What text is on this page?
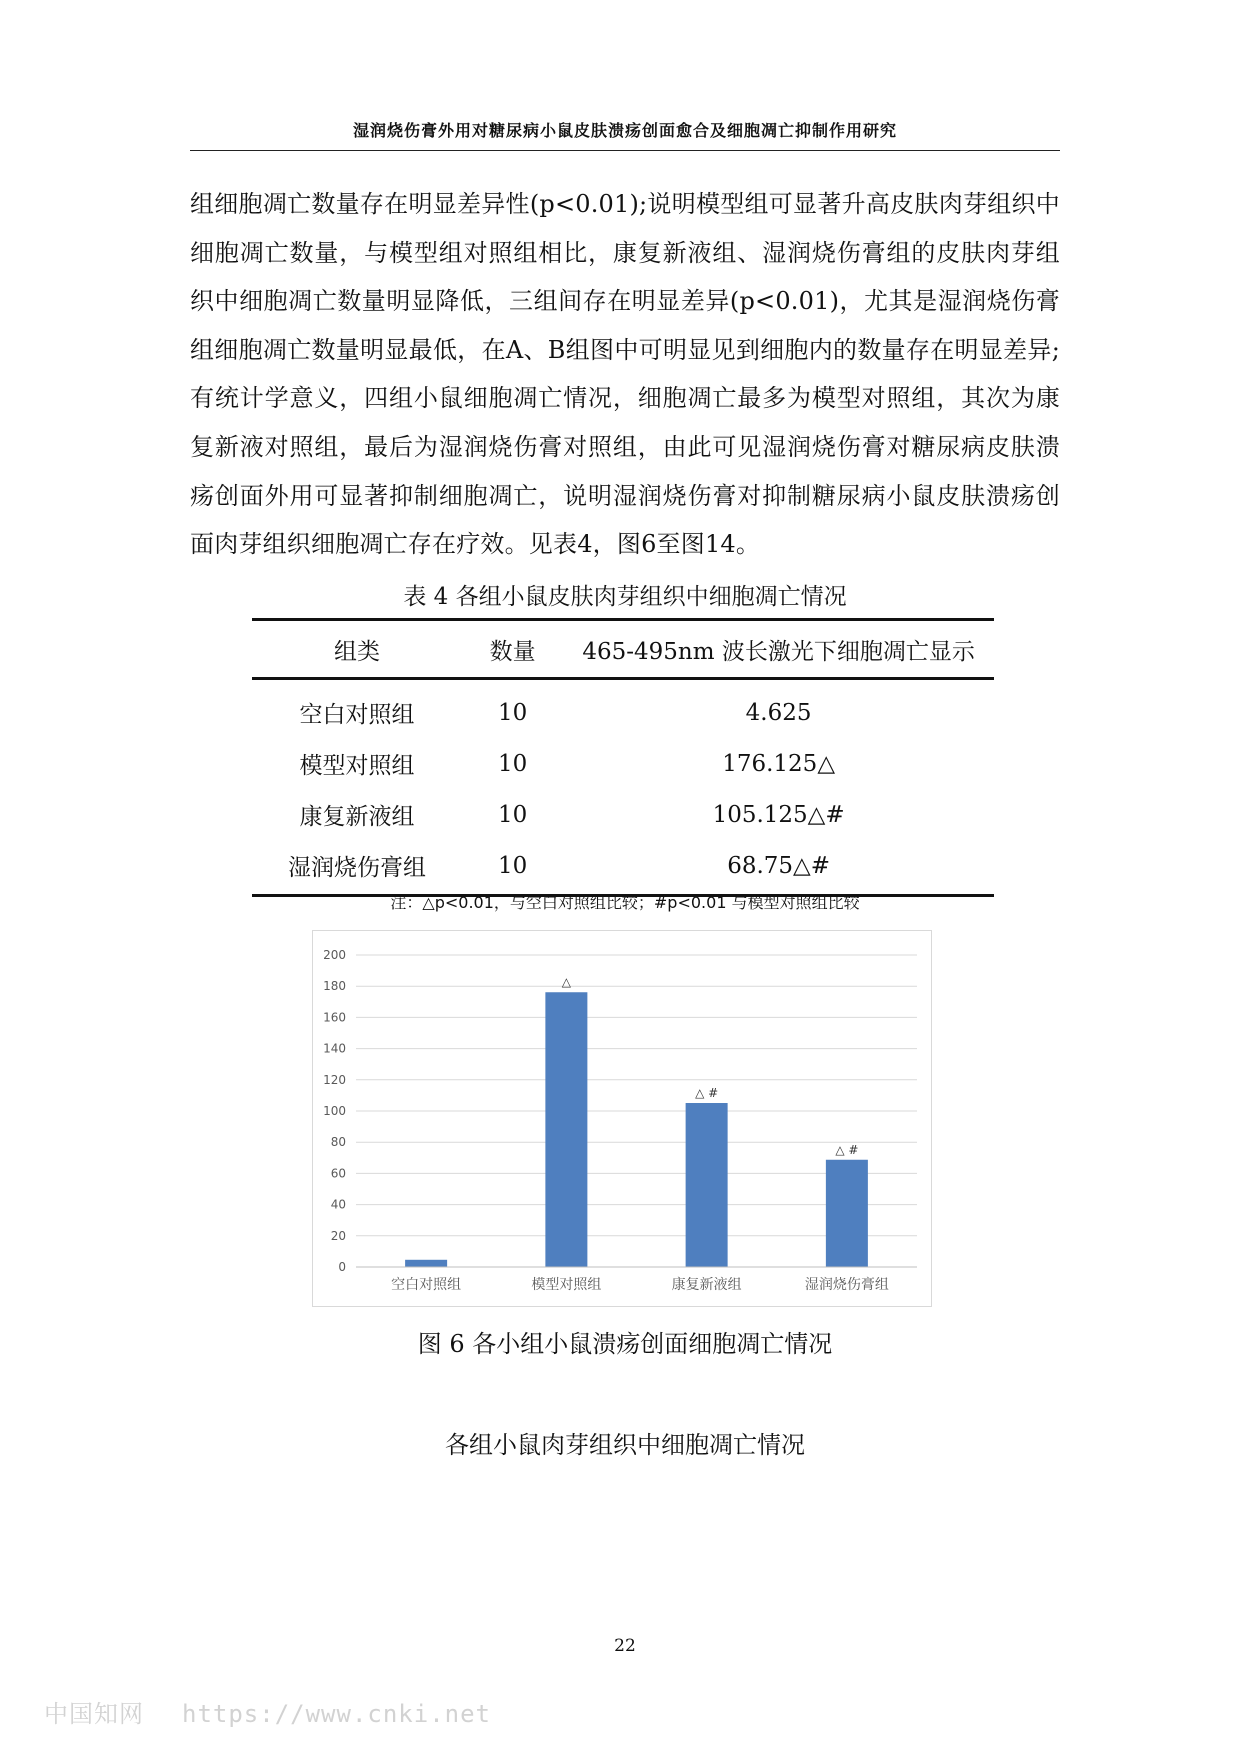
湿润烧伤膏外用对糖尿病小鼠皮肤溃疡创面愈合及细胞凋亡抑制作用研究

组细胞凋亡数量存在明显差异性(p<0.01);说明模型组可显著升高皮肤肉芽组织中细胞凋亡数量，与模型组对照组相比，康复新液组、湿润烧伤膏组的皮肤肉芽组织中细胞凋亡数量明显降低，三组间存在明显差异(p<0.01)，尤其是湿润烧伤膏组细胞凋亡数量明显最低，在A、B组图中可明显见到细胞内的数量存在明显差异;有统计学意义，四组小鼠细胞凋亡情况，细胞凋亡最多为模型对照组，其次为康复新液对照组，最后为湿润烧伤膏对照组，由此可见湿润烧伤膏对糖尿病皮肤溃疡创面外用可显著抑制细胞凋亡，说明湿润烧伤膏对抑制糖尿病小鼠皮肤溃疡创面肉芽组织细胞凋亡存在疗效。见表4，图6至图14。

表 4 各组小鼠皮肤肉芽组织中细胞凋亡情况
组类	数量	465-495nm 波长激光下细胞凋亡显示
空白对照组	10	4.625
模型对照组	10	176.125△
康复新液组	10	105.125△#
湿润烧伤膏组	10	68.75△#
注：△p<0.01，与空白对照组比较；#p<0.01 与模型对照组比较
0
20
40
60
80
100
120
140
160
180
200
空白对照组	模型对照组
△
康复新液组
△ #
湿润烧伤膏组
△ #
图 6 各小组小鼠溃疡创面细胞凋亡情况
各组小鼠肉芽组织中细胞凋亡情况
22
中国知网 https://www.cnki.net
